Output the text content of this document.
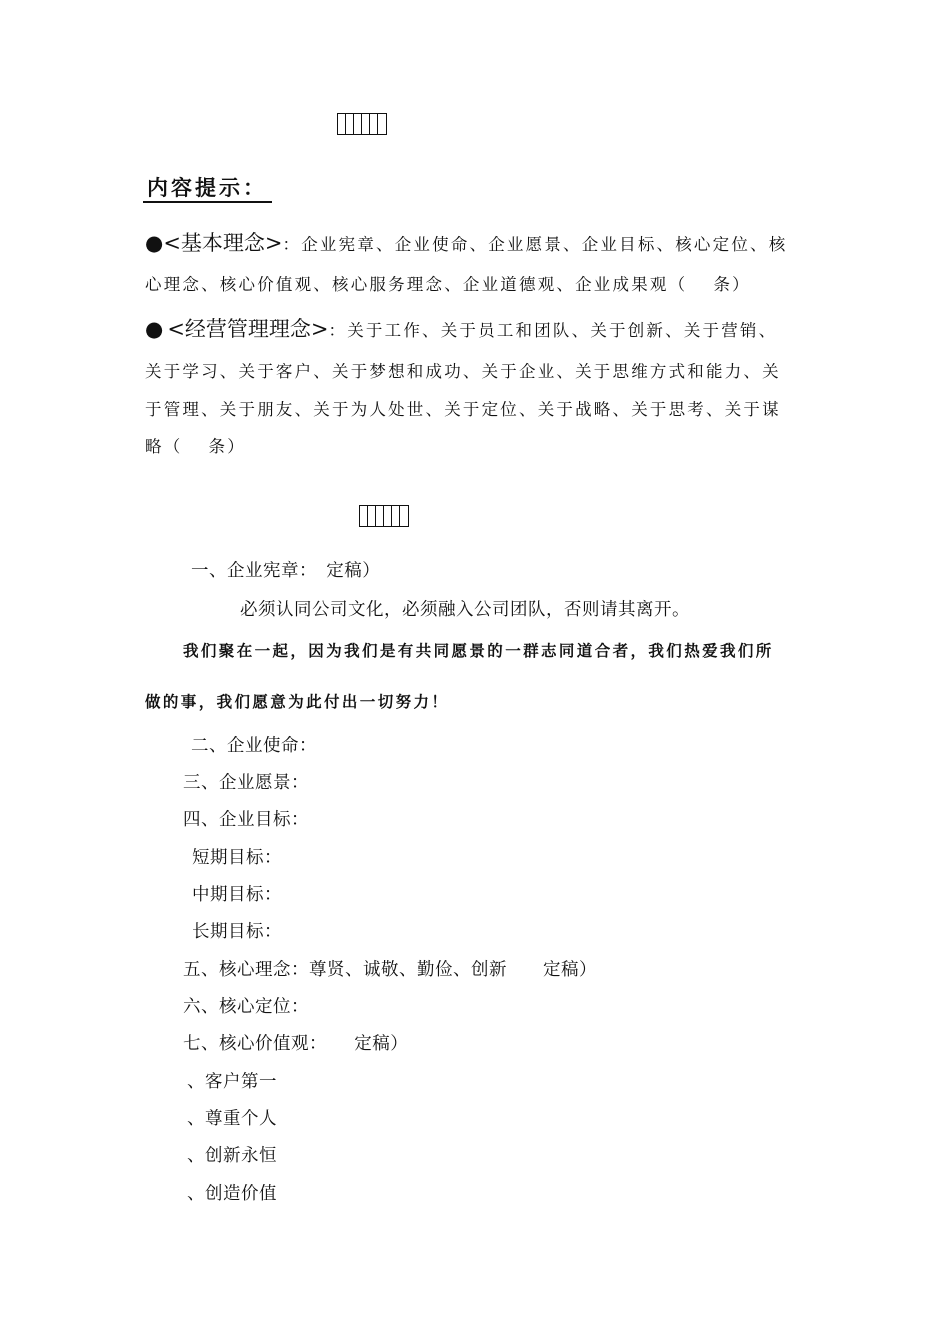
内容提示：
●<基本理念>：企业宪章、企业使命、企业愿景、企业目标、核心定位、核
心理念、核心价值观、核心服务理念、企业道德观、企业成果观（　 条）
● <经营管理理念>：关于工作、关于员工和团队、关于创新、关于营销、
关于学习、关于客户、关于梦想和成功、关于企业、关于思维方式和能力、关
于管理、关于朋友、关于为人处世、关于定位、关于战略、关于思考、关于谋
略（　 条）
一、企业宪章：　定稿）
必须认同公司文化，必须融入公司团队，否则请其离开。
我们聚在一起，因为我们是有共同愿景的一群志同道合者，我们热爱我们所
做的事，我们愿意为此付出一切努力！
二、企业使命：
三、企业愿景：
四、企业目标：
短期目标：
中期目标：
长期目标：
五、核心理念：尊贤、诚敬、勤俭、创新　　定稿）
六、核心定位：
七、核心价值观：　　定稿）
、客户第一
、尊重个人
、创新永恒
、创造价值
